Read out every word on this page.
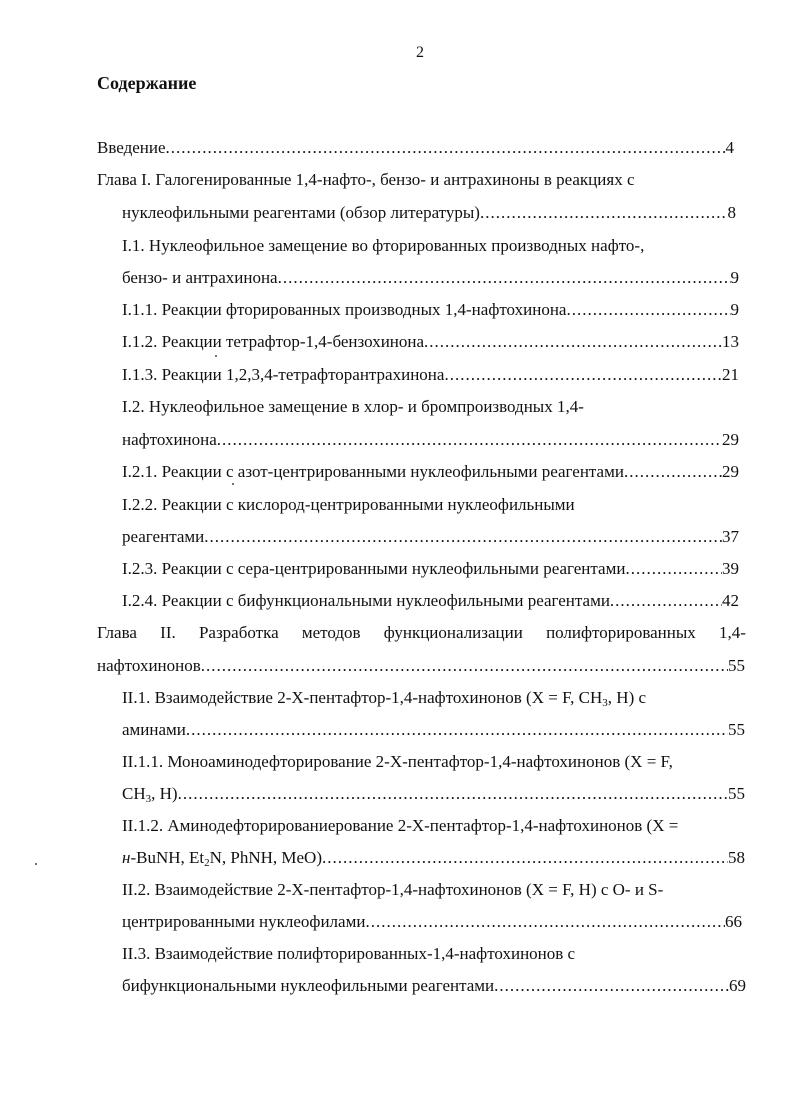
2
Содержание
Введение .....	4
Глава I. Галогенированные 1,4-нафто-, бензо- и антрахиноны в реакциях с
нуклеофильными реагентами (обзор литературы) .....	8
I.1. Нуклеофильное замещение во фторированных производных нафто-,
бензо- и антрахинона .....	9
I.1.1. Реакции фторированных производных 1,4-нафтохинона .....	9
I.1.2. Реакции тетрафтор-1,4-бензохинона .....	13
I.1.3. Реакции 1,2,3,4-тетрафторантрахинона .....	21
I.2. Нуклеофильное замещение в хлор- и бромпроизводных 1,4-
нафтохинона .....	29
I.2.1. Реакции с азот-центрированными нуклеофильными реагентами .....	29
I.2.2. Реакции с кислород-центрированными нуклеофильными
реагентами .....	37
I.2.3. Реакции с сера-центрированными нуклеофильными реагентами .....	39
I.2.4. Реакции с бифункциональными нуклеофильными реагентами .....	42
Глава II. Разработка методов функционализации полифторированных 1,4-
нафтохинонов .....	55
II.1. Взаимодействие 2-X-пентафтор-1,4-нафтохинонов (X = F, $CH_3$, H) с
аминами .....	55
II.1.1. Моноаминодефторирование 2-X-пентафтор-1,4-нафтохинонов (X = F,
$CH_3$, H) .....	55
II.1.2. Аминодефторированиерование 2-X-пентафтор-1,4-нафтохинонов (X =
н-BuNH, $Et_2N$, PhNH, MeO) .....	58
II.2. Взаимодействие 2-X-пентафтор-1,4-нафтохинонов (X = F, H) с O- и S-
центрированными нуклеофилами .....	66
II.3. Взаимодействие полифторированных-1,4-нафтохинонов с
бифункциональными нуклеофильными реагентами .....	69
